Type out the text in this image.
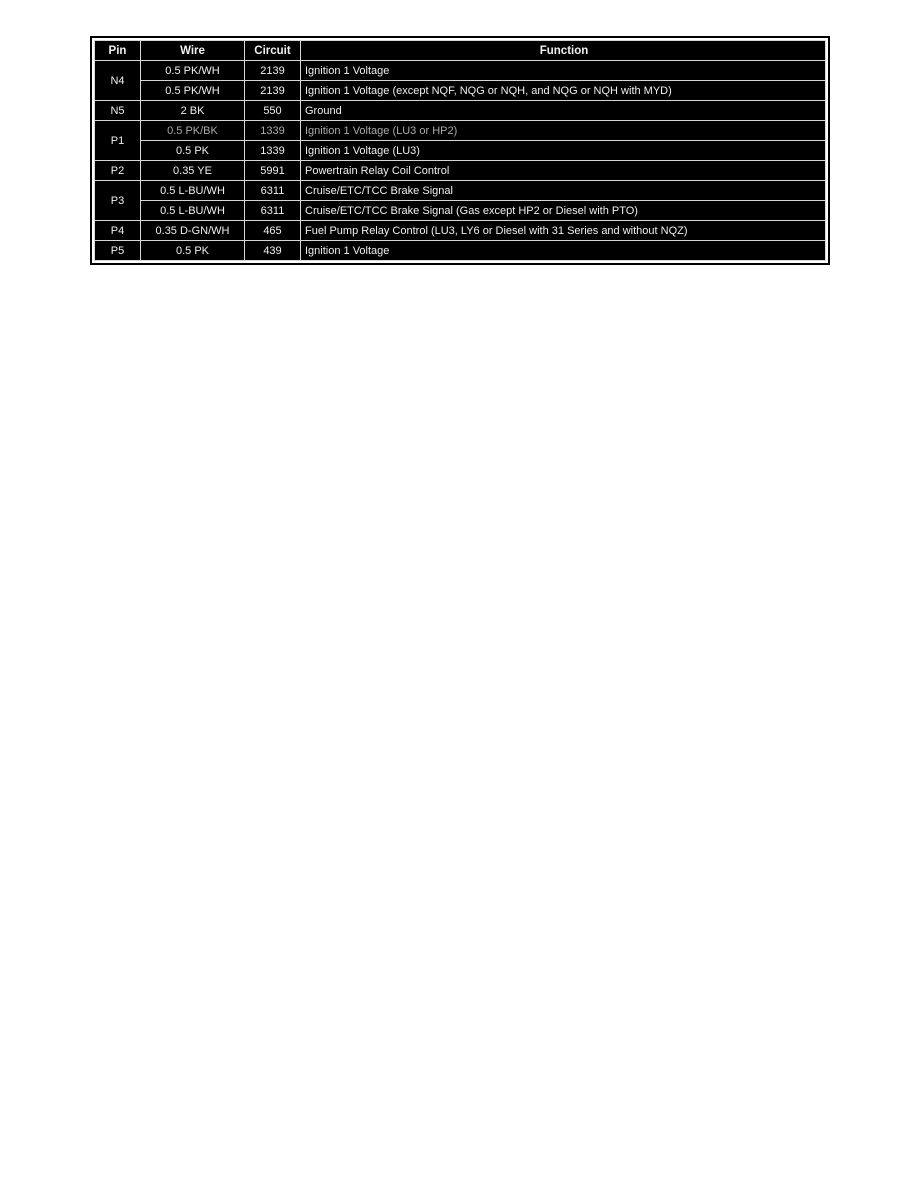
Pin	Wire	Circuit	Function
N4	0.5 PK/WH	2139	Ignition 1 Voltage
	0.5 PK/WH	2139	Ignition 1 Voltage (except NQF, NQG or NQH, and NQG or NQH with MYD)
N5	2 BK	550	Ground
P1	0.5 PK/BK	1339	Ignition 1 Voltage (LU3 or HP2)
	0.5 PK	1339	Ignition 1 Voltage (LU3)
P2	0.35 YE	5991	Powertrain Relay Coil Control
P3	0.5 L-BU/WH	6311	Cruise/ETC/TCC Brake Signal
	0.5 L-BU/WH	6311	Cruise/ETC/TCC Brake Signal (Gas except HP2 or Diesel with PTO)
P4	0.35 D-GN/WH	465	Fuel Pump Relay Control (LU3, LY6 or Diesel with 31 Series and without NQZ)
P5	0.5 PK	439	Ignition 1 Voltage
